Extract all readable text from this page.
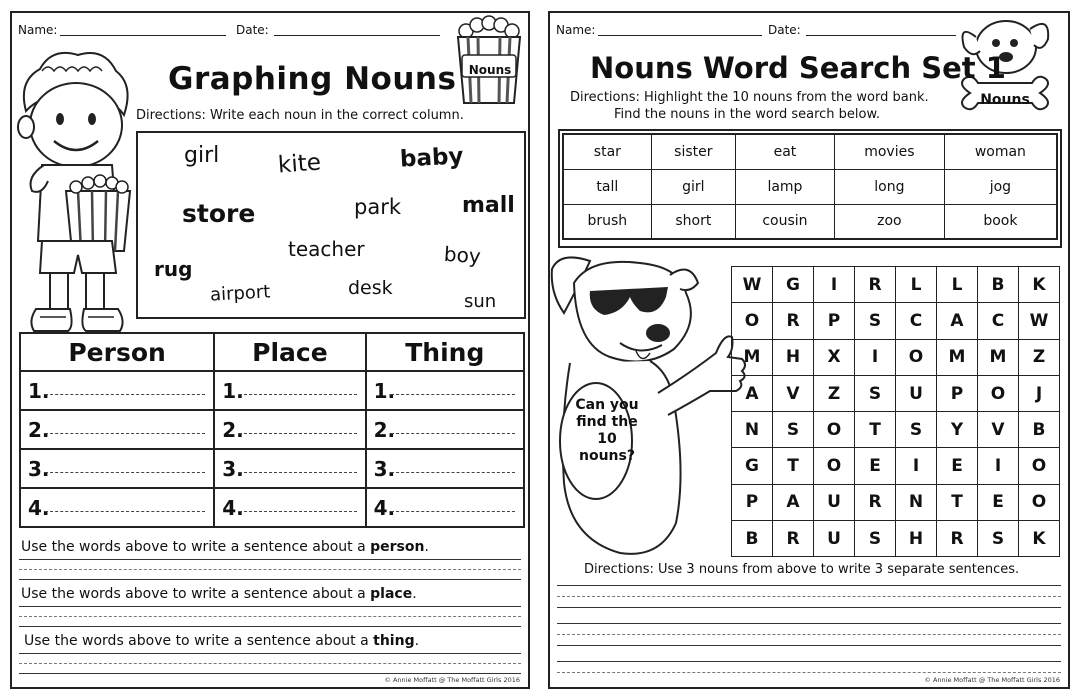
Name:	Date:
Nouns
Graphing Nouns
Directions: Write each noun in the correct column.
girl	kite	baby
store	park	mall
teacher	boy
rug
airport	desk
sun
Person	Place	Thing
1.	1.	1.

2.	2.	2.

3.	3.	3.

4.	4.	4.
Use the words above to write a sentence about a person.
Use the words above to write a sentence about a place.
Use the words above to write a sentence about a thing.
© Annie Moffatt @ The Moffatt Girls 2016
Name:	Date:
Nouns
Nouns Word Search Set 1
Directions: Highlight the 10 nouns from the word bank.
Find the nouns in the word search below.
star	sister	eat	movies	woman
tall	girl	lamp	long	jog
brush	short	cousin	zoo	book
Can you find the 10 nouns?
W	G	I	R	L	L	B	K
O	R	P	S	C	A	C	W
M	H	X	I	O	M	M	Z
A	V	Z	S	U	P	O	J
N	S	O	T	S	Y	V	B
G	T	O	E	I	E	I	O
P	A	U	R	N	T	E	O
B	R	U	S	H	R	S	K
Directions: Use 3 nouns from above to write 3 separate sentences.
© Annie Moffatt @ The Moffatt Girls 2016
